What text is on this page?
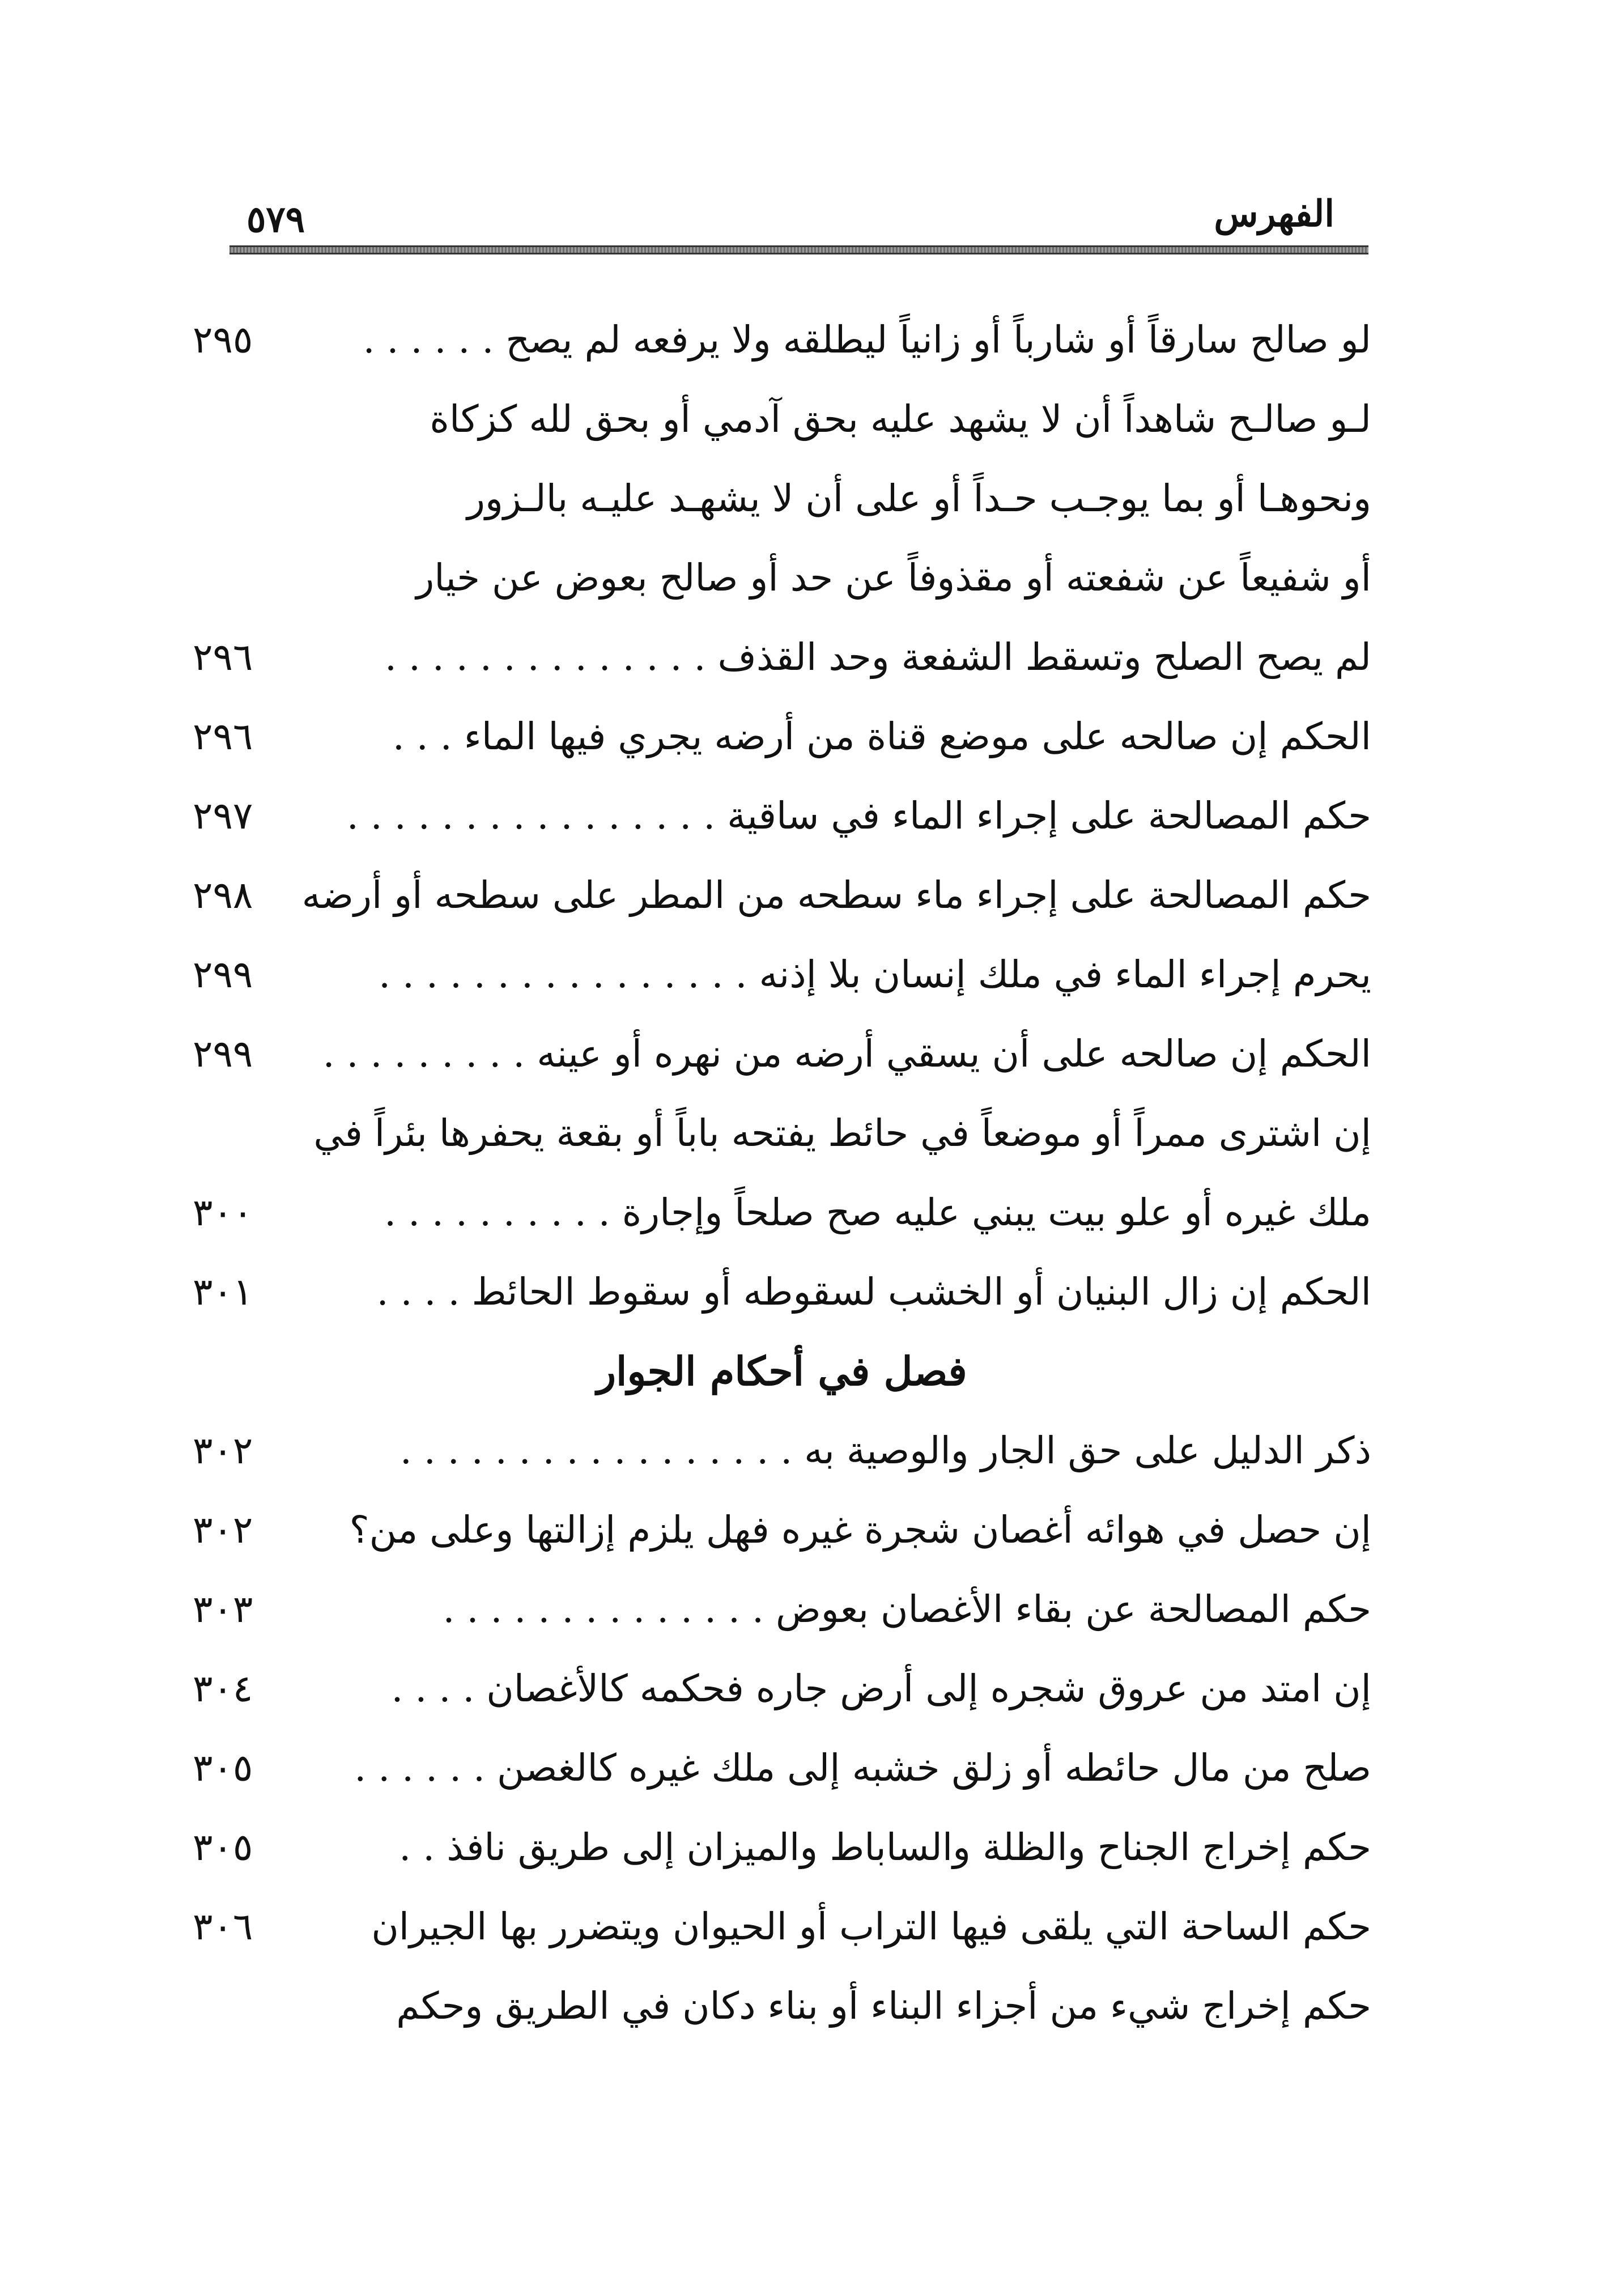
الفهرس
٥٧٩
لو صالح سارقاً أو شارباً أو زانياً ليطلقه ولا يرفعه لم يصح . . . . . .
٢٩٥
لـو صالـح شاهداً أن لا يشهد عليه بحق آدمي أو بحق لله كزكاة
ونحوهـا أو بما يوجـب حـداً أو على أن لا يشهـد عليـه بالـزور
أو شفيعاً عن شفعته أو مقذوفاً عن حد أو صالح بعوض عن خيار
لم يصح الصلح وتسقط الشفعة وحد القذف . . . . . . . . . . . . . .
٢٩٦
الحكم إن صالحه على موضع قناة من أرضه يجري فيها الماء . . .
٢٩٦
حكم المصالحة على إجراء الماء في ساقية . . . . . . . . . . . . . . . .
٢٩٧
حكم المصالحة على إجراء ماء سطحه من المطر على سطحه أو أرضه
٢٩٨
يحرم إجراء الماء في ملك إنسان بلا إذنه . . . . . . . . . . . . . . . .
٢٩٩
الحكم إن صالحه على أن يسقي أرضه من نهره أو عينه . . . . . . . . .
٢٩٩
إن اشترى ممراً أو موضعاً في حائط يفتحه باباً أو بقعة يحفرها بئراً في
ملك غيره أو علو بيت يبني عليه صح صلحاً وإجارة . . . . . . . . . .
٣٠٠
الحكم إن زال البنيان أو الخشب لسقوطه أو سقوط الحائط . . . .
٣٠١
فصل في أحكام الجوار
ذكر الدليل على حق الجار والوصية به . . . . . . . . . . . . . . . . .
٣٠٢
إن حصل في هوائه أغصان شجرة غيره فهل يلزم إزالتها وعلى من؟
٣٠٢
حكم المصالحة عن بقاء الأغصان بعوض . . . . . . . . . . . . . .
٣٠٣
إن امتد من عروق شجره إلى أرض جاره فحكمه كالأغصان . . . .
٣٠٤
صلح من مال حائطه أو زلق خشبه إلى ملك غيره كالغصن . . . . . .
٣٠٥
حكم إخراج الجناح والظلة والساباط والميزان إلى طريق نافذ . .
٣٠٥
حكم الساحة التي يلقى فيها التراب أو الحيوان ويتضرر بها الجيران
٣٠٦
حكم إخراج شيء من أجزاء البناء أو بناء دكان في الطريق وحكم
